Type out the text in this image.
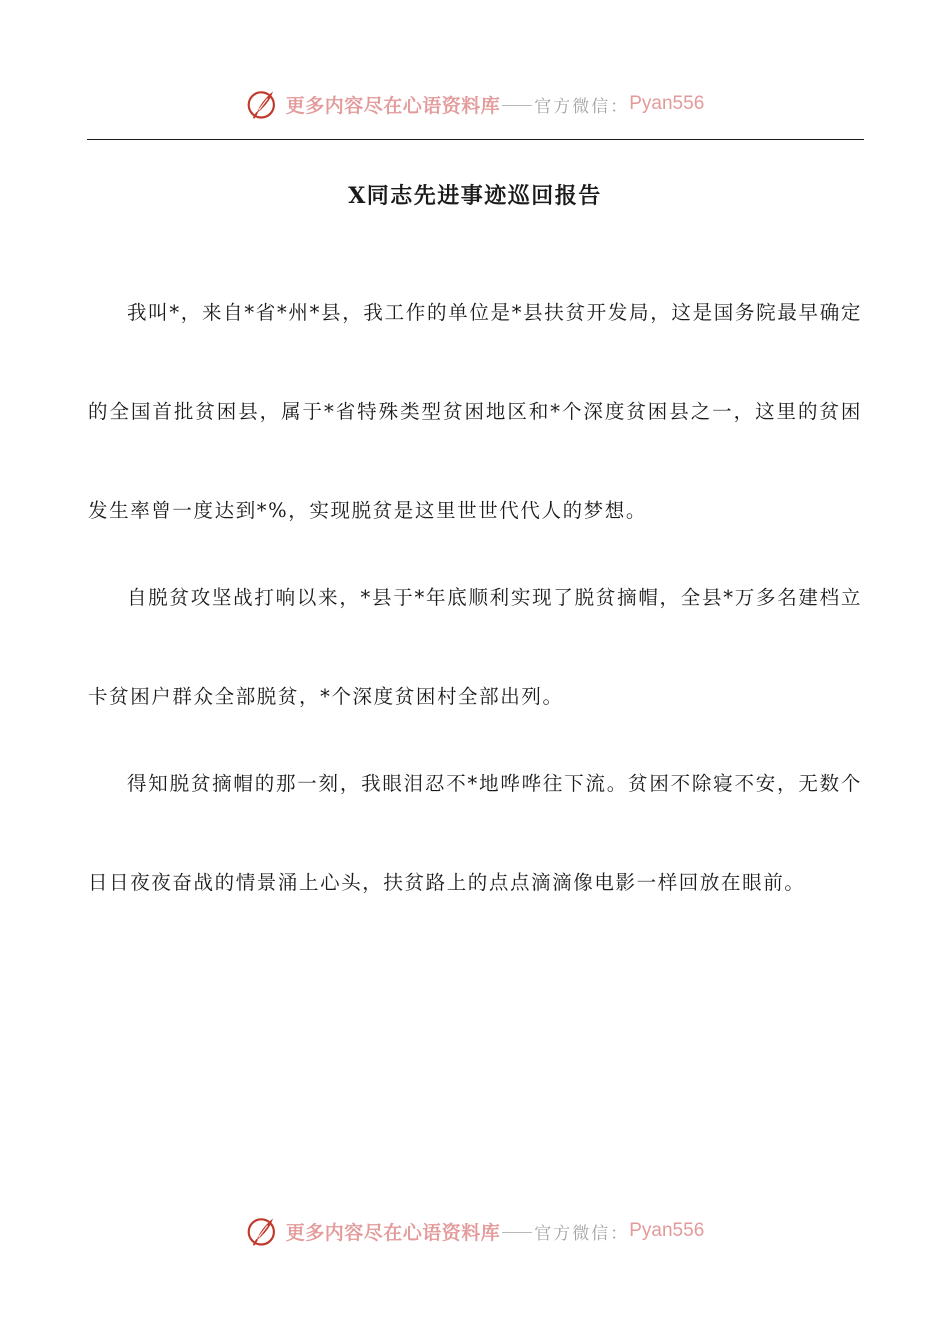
更多内容尽在心语资料库 官方微信： Pyan556
X同志先进事迹巡回报告

我叫*，来自*省*州*县，我工作的单位是*县扶贫开发局，这是国务院最早确定的全国首批贫困县，属于*省特殊类型贫困地区和*个深度贫困县之一，这里的贫困发生率曾一度达到*%，实现脱贫是这里世世代代人的梦想。

自脱贫攻坚战打响以来，*县于*年底顺利实现了脱贫摘帽，全县*万多名建档立卡贫困户群众全部脱贫，*个深度贫困村全部出列。

得知脱贫摘帽的那一刻，我眼泪忍不*地哗哗往下流。贫困不除寝不安，无数个日日夜夜奋战的情景涌上心头，扶贫路上的点点滴滴像电影一样回放在眼前。

更多内容尽在心语资料库 官方微信： Pyan556
